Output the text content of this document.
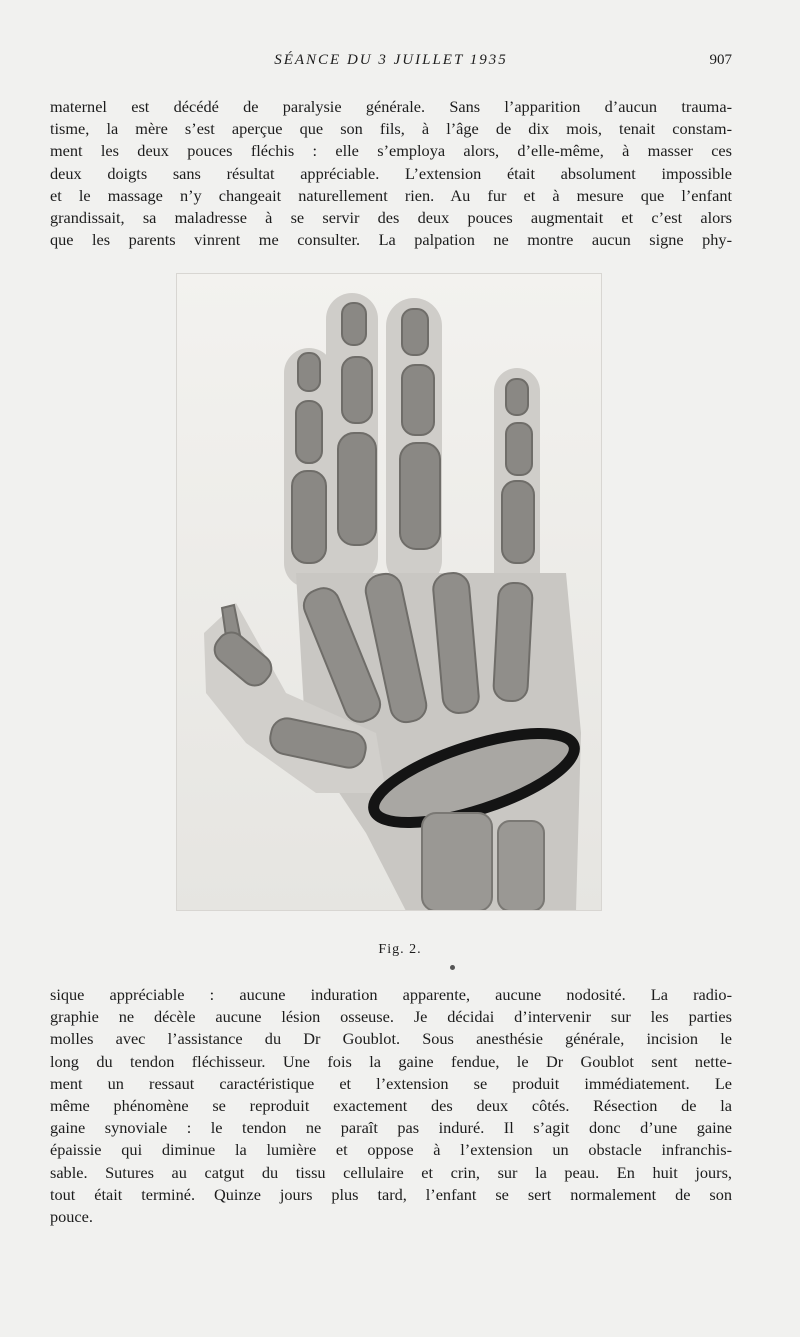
SÉANCE DU 3 JUILLET 1935	907
maternel est décédé de paralysie générale. Sans l’apparition d’aucun trauma-
tisme, la mère s’est aperçue que son fils, à l’âge de dix mois, tenait constam-
ment les deux pouces fléchis : elle s’employa alors, d’elle-même, à masser ces
deux doigts sans résultat appréciable. L’extension était absolument impossible
et le massage n’y changeait naturellement rien. Au fur et à mesure que l’enfant
grandissait, sa maladresse à se servir des deux pouces augmentait et c’est alors
que les parents vinrent me consulter. La palpation ne montre aucun signe phy-
Fig. 2.
sique appréciable : aucune induration apparente, aucune nodosité. La radio-
graphie ne décèle aucune lésion osseuse. Je décidai d’intervenir sur les parties
molles avec l’assistance du Dr Goublot. Sous anesthésie générale, incision le
long du tendon fléchisseur. Une fois la gaine fendue, le Dr Goublot sent nette-
ment un ressaut caractéristique et l’extension se produit immédiatement. Le
même phénomène se reproduit exactement des deux côtés. Résection de la
gaine synoviale : le tendon ne paraît pas induré. Il s’agit donc d’une gaine
épaissie qui diminue la lumière et oppose à l’extension un obstacle infranchis-
sable. Sutures au catgut du tissu cellulaire et crin, sur la peau. En huit jours,
tout était terminé. Quinze jours plus tard, l’enfant se sert normalement de son
pouce.
